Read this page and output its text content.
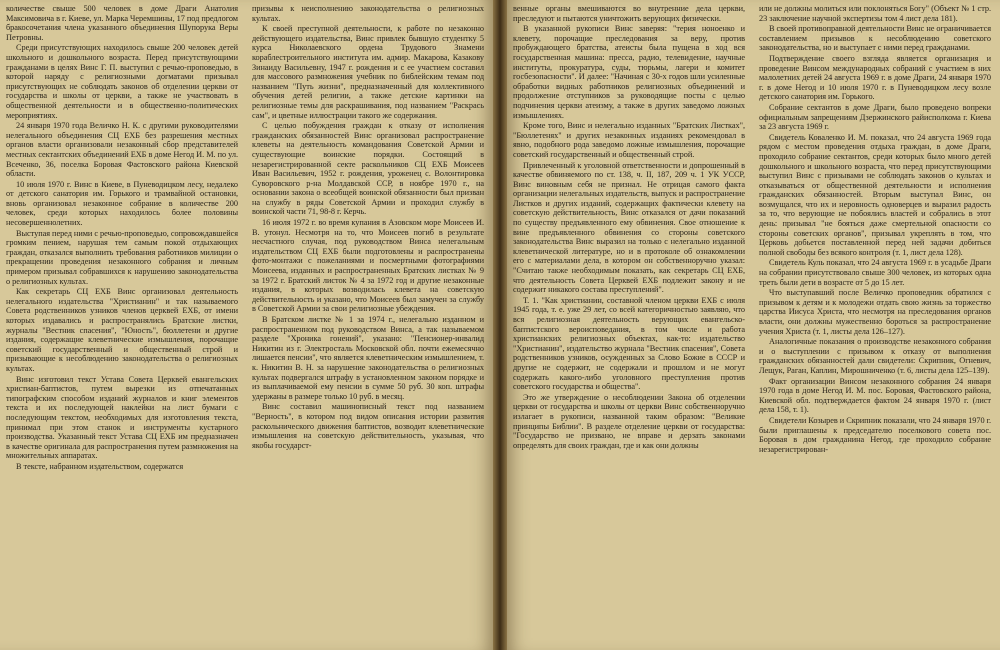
количестве свыше 500 человек в доме Драги Анатолия Максимовича в г. Киеве, ул. Марка Черемшины, 17 под предлогом бракосочетания члена указанного объединения Шупорука Веры Петровны.

Среди присутствующих находилось свыше 200 человек детей школьного и дошкольного возраста. Перед присутствующими гражданами в целях Винс Г. П. выступил с речью-проповедью, в которой наряду с религиозными догматами призывал присутствующих не соблюдать законов об отделении церкви от государства и школы от церкви, а также не участвовать в общественной деятельности и в общественно-политических мероприятиях.

24 января 1970 года Величко Н. К. с другими руководителями нелегального объединения СЦ ЕХБ без разрешения местных органов власти организовали незаконный сбор представителей местных сектантских объединений ЕХБ в доме Негод И. М. по ул. Всеченко, 36, поселка Боровая Фастовского района Киевской области.

10 июля 1970 г. Винс в Киеве, в Пуневодицком лесу, недалеко от детского санатория им. Горького и трамвайной остановки, вновь организовал незаконное собрание в количестве 200 человек, среди которых находилось более половины несовершеннолетних.

Выступая перед ними с речью-проповедью, сопровождавшейся громким пением, нарушая тем самым покой отдыхающих граждан, отказался выполнить требования работников милиции о прекращении проведения незаконного собрания и личным примером призывал собравшихся к нарушению законодательства о религиозных культах.

Как секретарь СЦ ЕХБ Винс организовал деятельность нелегального издательства "Христианин" и так называемого Совета родственников узников членов церквей ЕХБ, от имени которых издавались и распространялись Братские листки, журналы "Вестник спасения", "Юность", бюллетени и другие издания, содержащие клеветнические измышления, порочащие советский государственный и общественный строй и призывающие к несоблюдению законодательства о религиозных культах.

Винс изготовил текст Устава Совета Церквей евангельских христиан-баптистов, путем вырезки из отпечатанных типографским способом изданий журналов и книг элементов текста и их последующей наклейки на лист бумаги с последующим текстом, необходимых для изготовления текста, принимал при этом станок и инструменты кустарного производства. Указанный текст Устава СЦ ЕХБ им предназначен в качестве оригинала для распространения путем размножения на множительных аппаратах.

В тексте, набранном издательством, содержатся

призывы к неисполнению законодательства о религиозных культах.

К своей преступной деятельности, к работе по незаконно действующего издательства, Винс привлек бывшую студентку 5 курса Николаевского ордена Трудового Знамени кораблестроительного института им. адмир. Макарова, Казакову Зинаиду Васильевну, 1947 г. рождения и с ее участием составил для массового размножения учебник по библейским темам под названием "Путь жизни", предназначенный для коллективного обучения детей религии, а также детские картинки на религиозные темы для раскрашивания, под названием "Раскрась сам", и цветные иллюстрации такого же содержания.

С целью побуждения граждан к отказу от исполнения гражданских обязанностей Винс организовал распространение клеветы на деятельность командования Советской Армии и существующие воинские порядки. Состоящий в незарегистрированной секте раскольников СЦ ЕХБ Моисеев Иван Васильевич, 1952 г. рождения, уроженец с. Волонтировка Суворовского р-на Молдавской ССР, в ноябре 1970 г., на основании закона о всеобщей воинской обязанности был призван на службу в ряды Советской Армии и проходил службу в воинской части 71, 98-8 г. Керчь.

16 июля 1972 г. во время купания в Азовском море Моисеев И. В. утонул. Несмотря на то, что Моисеев погиб в результате несчастного случая, под руководством Винса нелегальным издательством СЦ ЕХБ были подготовлены и распространены фото-монтажи с пожеланиями и посмертными фотографиями Моисеева, изданных и распространенных Братских листках № 9 за 1972 г. Братский листок № 4 за 1972 год и другие незаконные издания, в которых возводилась клевета на советскую действительность и указано, что Моисеев был замучен за службу в Советской Армии за свои религиозные убеждения.

В Братском листке № 1 за 1974 г., нелегально изданном и распространенном под руководством Винса, а так называемом разделе "Хроника гонений", указано: "Пенсионер-инвалид Никитин из г. Электросталь Московской обл. почти ежемесячно лишается пенсии", что является клеветническим измышлением, т. к. Никитин В. Н. за нарушение законодательства о религиозных культах подвергался штрафу в установленном законом порядке и из выплачиваемой ему пенсии в сумме 50 руб. 30 коп. штрафы удержаны в размере только 10 руб. в месяц.

Винс составил машинописный текст под названием "Верность", в котором под видом описания истории развития раскольнического движения баптистов, возводит клеветнические измышления на советскую действительность, указывая, что якобы государст-

венные органы вмешиваются во внутренние дела церкви, преследуют и пытаются уничтожить верующих физически.

В указанной рукописи Винс заверяя: "терия ноноенко и клевету, порочащие преследования за веру, против пробуждающего братства, атеисты была пущена в ход вся государственная машина: пресса, радио, телевидение, научные институты, прокуратура, суды, тюрьмы, лагери и комитет госбезопасности". И далее: "Начиная с 30-х годов шли усиленные обработки видных работников религиозных объединений и продолжение отступников за руководящие посты с целью подчинения церкви атеизму, а также в других заведомо ложных измышлениях.

Кроме того, Винс и нелегально изданных "Братских Листках", "Бюллетенях" и других незаконных изданиях рекомендовал в явно, подобного рода заведомо ложные измышления, порочащие советский государственный и общественный строй.

Привлеченный к уголовной ответственности и допрошенный в качестве обвиняемого по ст. 138, ч. II, 187, 209 ч. 1 УК УССР, Винс виновным себя не признал. Не отрицая самого факта организации нелегальных издательств, выпуск и распространение Листков и других изданий, содержащих фактически клевету на советскую действительность, Винс отказался от дачи показаний по существу предъявленного ему обвинения. Свое отношение к вине предъявленного обвинения со стороны советского законодательства Винс выразил на только с нелегально изданной клеветнической литературе, но и в протоколе об ознакомлении его с материалами дела, в котором он собственноручно указал: "Считаю также необходимым показать, как секретарь СЦ ЕХБ, что деятельность Совета Церквей ЕХБ подлежит закону и не содержит никакого состава преступлений".

Т. 1. "Как христианин, составной членом церкви ЕХБ с июля 1945 года, т. е. уже 29 лет, со всей категоричностью заявляю, что вся религиозная деятельность верующих евангельско-баптистского вероисповедания, в том числе и работа христианских религиозных объектах, как-то: издательство "Христианин", издательство журнала "Вестник спасения", Совета родственников узников, осужденных за Слово Божие в СССР и другие не содержит, не содержали и прошлом и не могут содержать какого-либо уголовного преступления против советского государства и общества".

Это же утверждение о несоблюдении Закона об отделении церкви от государства и школы от церкви Винс собственноручно излагает в рукописи, названной таким образом: "Великие принципы Библии". В разделе отделение церкви от государства: "Государство не призвано, не вправе и дерзать законами определять для своих граждан, где и как они должны

или не должны молиться или поклоняться Богу" (Объект № 1 стр. 23 заключение научной экспертизы том 4 лист дела 181).

В своей противоправной деятельности Винс не ограничивается составлением призывов к несоблюдению советского законодательства, но и выступает с ними перед гражданами.

Подтверждение своего взгляда является организация и проведение Винсом международных собраний с участием в них малолетних детей 24 августа 1969 г. в доме Драги, 24 января 1970 г. в доме Негод и 10 июля 1970 г. в Пуневодицком лесу возле детского санатория им. Горького.

Собрание сектантов в доме Драги, было проведено вопреки официальным запрещениям Дзержинского райисполкома г. Киева за 23 августа 1969 г.

Свидетель Коваленко И. М. показал, что 24 августа 1969 года рядом с местом проведения отдыха граждан, в доме Драги, проходило собрание сектантов, среди которых было много детей дошкольного и школьного возраста, что перед присутствующими выступил Винс с призывами не соблюдать законов о культах и отказываться от общественной деятельности и исполнения гражданских обязанностей. Вторым выступал Винс, он возмущался, что их и неровность одноверцев и выразил радость за то, что верующие не побоялись властей и собрались в этот день: призывал "не бояться даже смертельной опасности со стороны советских органов", призывал укреплять в том, что Церковь добьется поставленной перед ней задачи добиться полной свободы без всякого контроля (т. 1, лист дела 128).

Свидетель Куль показал, что 24 августа 1969 г. в усадьбе Драги на собрании присутствовало свыше 300 человек, из которых одна треть были дети в возрасте от 5 до 15 лет.

Что выступавший после Величко проповедник обратился с призывом к детям и к молодежи отдать свою жизнь за торжество царства Иисуса Христа, что несмотря на преследования органов власти, они должны мужественно бороться за распространение учения Христа (т. 1, листы дела 126–127).

Аналогичные показания о производстве незаконного собрания и о выступлении с призывом к отказу от выполнения гражданских обязанностей дали свидетели: Скрипник, Огневич, Лещук, Раган, Каплин, Мирошниченко (т. 6, листы дела 125–139).

Факт организации Винсом незаконного собрания 24 января 1970 года в доме Негод И. М. пос. Боровая, Фастовского района, Киевской обл. подтверждается фактом 24 января 1970 г. (лист дела 158, т. 1).

Свидетели Козырев и Скрипник показали, что 24 января 1970 г. были приглашены к председателю поселкового совета пос. Боровая в дом гражданина Негод, где проходило собрание незарегистрирован-
